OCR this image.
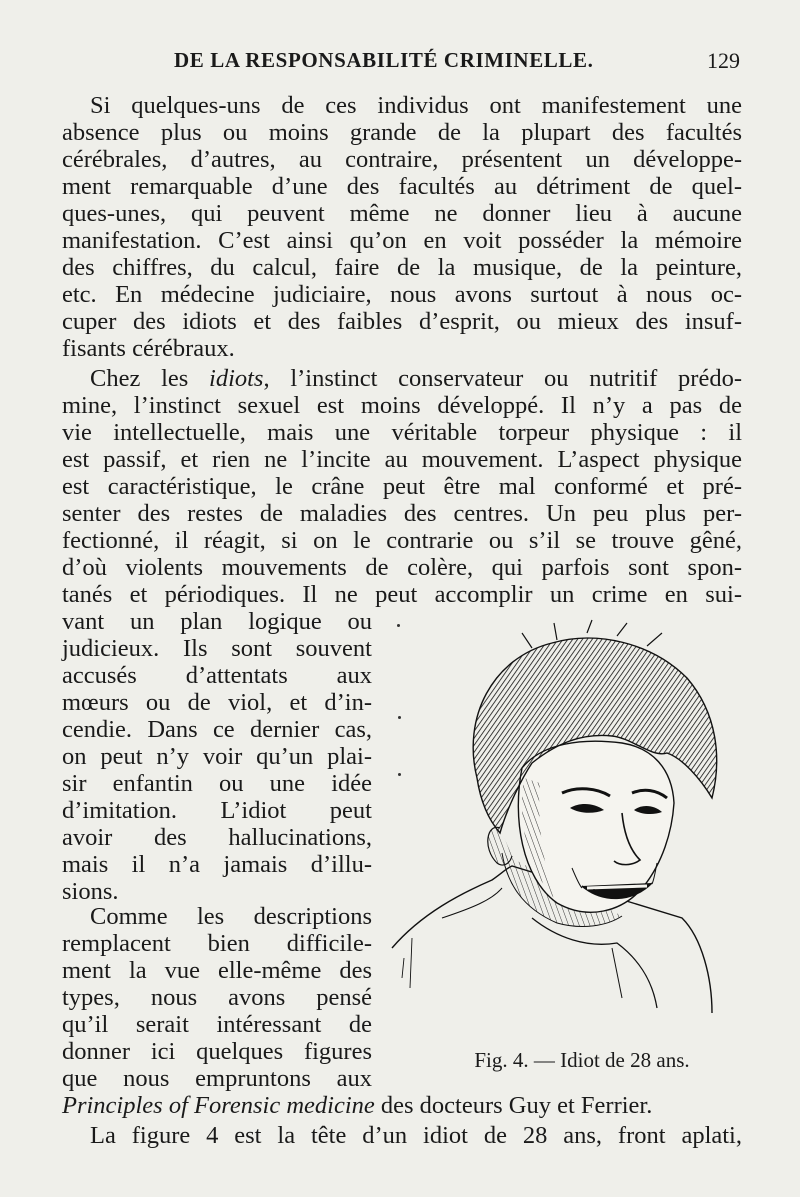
DE LA RESPONSABILITÉ CRIMINELLE.	129
Si quelques-uns de ces individus ont manifestement une
absence plus ou moins grande de la plupart des facultés
cérébrales, d’autres, au contraire, présentent un développe-
ment remarquable d’une des facultés au détriment de quel-
ques-unes, qui peuvent même ne donner lieu à aucune
manifestation. C’est ainsi qu’on en voit posséder la mémoire
des chiffres, du calcul, faire de la musique, de la peinture,
etc. En médecine judiciaire, nous avons surtout à nous oc-
cuper des idiots et des faibles d’esprit, ou mieux des insuf-
fisants cérébraux.
Chez les idiots, l’instinct conservateur ou nutritif prédo-
mine, l’instinct sexuel est moins développé. Il n’y a pas de
vie intellectuelle, mais une véritable torpeur physique : il
est passif, et rien ne l’incite au mouvement. L’aspect physique
est caractéristique, le crâne peut être mal conformé et pré-
senter des restes de maladies des centres. Un peu plus per-
fectionné, il réagit, si on le contrarie ou s’il se trouve gêné,
d’où violents mouvements de colère, qui parfois sont spon-
tanés et périodiques. Il ne peut accomplir un crime en sui-
vant un plan logique ou
judicieux. Ils sont souvent
accusés d’attentats aux
mœurs ou de viol, et d’in-
cendie. Dans ce dernier cas,
on peut n’y voir qu’un plai-
sir enfantin ou une idée
d’imitation. L’idiot peut
avoir des hallucinations,
mais il n’a jamais d’illu-
sions.
Comme les descriptions
remplacent bien difficile-
ment la vue elle-même des
types, nous avons pensé
qu’il serait intéressant de
donner ici quelques figures
que nous empruntons aux
Principles of Forensic medicine des docteurs Guy et Ferrier.
La figure 4 est la tête d’un idiot de 28 ans, front aplati,
Fig. 4. — Idiot de 28 ans.
